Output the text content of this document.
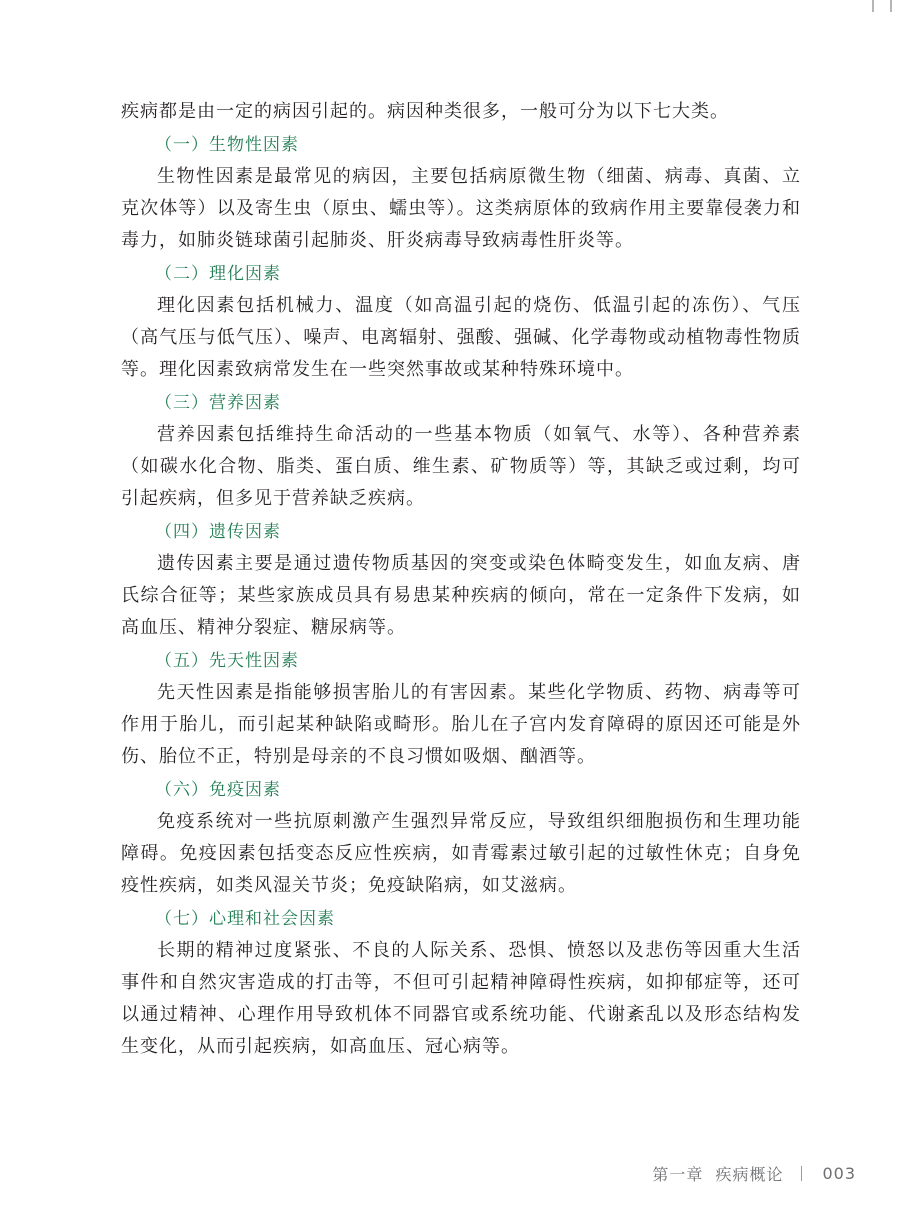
疾病都是由一定的病因引起的。病因种类很多，一般可分为以下七大类。

（一）生物性因素

生物性因素是最常见的病因，主要包括病原微生物（细菌、病毒、真菌、立克次体等）以及寄生虫（原虫、蠕虫等）。这类病原体的致病作用主要靠侵袭力和毒力，如肺炎链球菌引起肺炎、肝炎病毒导致病毒性肝炎等。

（二）理化因素

理化因素包括机械力、温度（如高温引起的烧伤、低温引起的冻伤）、气压（高气压与低气压）、噪声、电离辐射、强酸、强碱、化学毒物或动植物毒性物质等。理化因素致病常发生在一些突然事故或某种特殊环境中。

（三）营养因素

营养因素包括维持生命活动的一些基本物质（如氧气、水等）、各种营养素（如碳水化合物、脂类、蛋白质、维生素、矿物质等）等，其缺乏或过剩，均可引起疾病，但多见于营养缺乏疾病。

（四）遗传因素

遗传因素主要是通过遗传物质基因的突变或染色体畸变发生，如血友病、唐氏综合征等；某些家族成员具有易患某种疾病的倾向，常在一定条件下发病，如高血压、精神分裂症、糖尿病等。

（五）先天性因素

先天性因素是指能够损害胎儿的有害因素。某些化学物质、药物、病毒等可作用于胎儿，而引起某种缺陷或畸形。胎儿在子宫内发育障碍的原因还可能是外伤、胎位不正，特别是母亲的不良习惯如吸烟、酗酒等。

（六）免疫因素

免疫系统对一些抗原刺激产生强烈异常反应，导致组织细胞损伤和生理功能障碍。免疫因素包括变态反应性疾病，如青霉素过敏引起的过敏性休克；自身免疫性疾病，如类风湿关节炎；免疫缺陷病，如艾滋病。

（七）心理和社会因素

长期的精神过度紧张、不良的人际关系、恐惧、愤怒以及悲伤等因重大生活事件和自然灾害造成的打击等，不但可引起精神障碍性疾病，如抑郁症等，还可以通过精神、心理作用导致机体不同器官或系统功能、代谢紊乱以及形态结构发生变化，从而引起疾病，如高血压、冠心病等。

第一章 疾病概论 003
